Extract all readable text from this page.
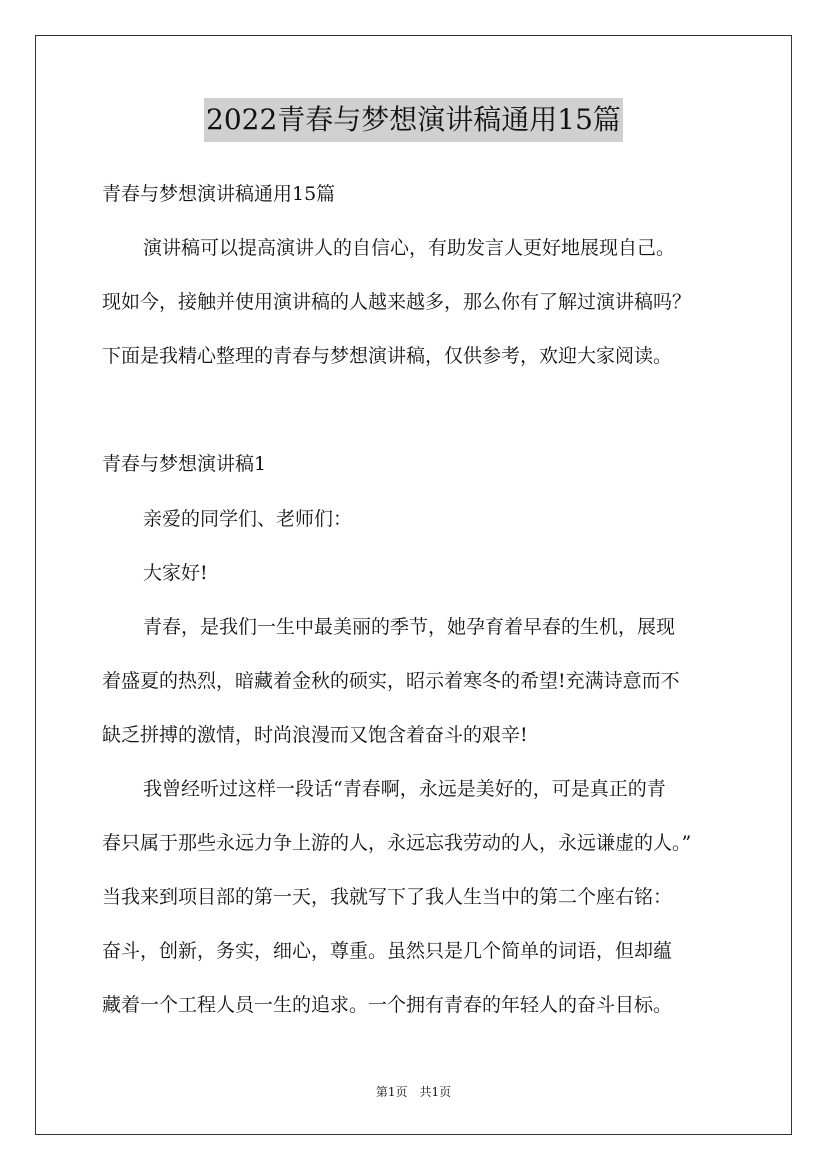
2022青春与梦想演讲稿通用15篇
青春与梦想演讲稿通用15篇
演讲稿可以提高演讲人的自信心，有助发言人更好地展现自己。
现如今，接触并使用演讲稿的人越来越多，那么你有了解过演讲稿吗？
下面是我精心整理的青春与梦想演讲稿，仅供参考，欢迎大家阅读。
青春与梦想演讲稿1
亲爱的同学们、老师们：
大家好!
青春，是我们一生中最美丽的季节，她孕育着早春的生机，展现
着盛夏的热烈，暗藏着金秋的硕实，昭示着寒冬的希望!充满诗意而不
缺乏拼搏的激情，时尚浪漫而又饱含着奋斗的艰辛!
我曾经听过这样一段话“青春啊，永远是美好的，可是真正的青
春只属于那些永远力争上游的人，永远忘我劳动的人，永远谦虚的人。”
当我来到项目部的第一天，我就写下了我人生当中的第二个座右铭：
奋斗，创新，务实，细心，尊重。虽然只是几个简单的词语，但却蕴
藏着一个工程人员一生的追求。一个拥有青春的年轻人的奋斗目标。
第1页　共1页
